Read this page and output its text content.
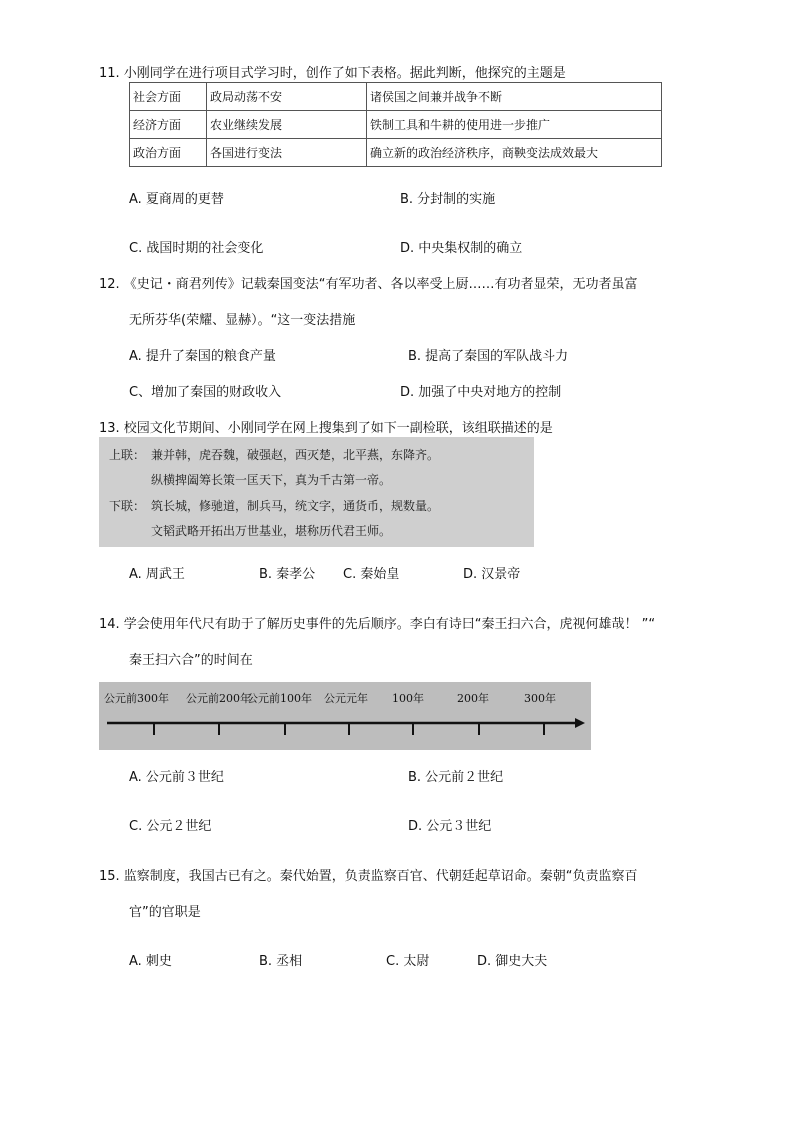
11. 小刚同学在进行项目式学习时，创作了如下表格。据此判断，他探究的主题是
社会方面	政局动荡不安	诸侯国之间兼并战争不断
经济方面	农业继续发展	铁制工具和牛耕的使用进一步推广
政治方面	各国进行变法	确立新的政治经济秩序，商鞅变法成效最大
A. 夏商周的更替	B. 分封制的实施
C. 战国时期的社会变化	D. 中央集权制的确立
12. 《史记・商君列传》记载秦国变法“有军功者、各以率受上厨……有功者显荣，无功者虽富
无所芬华(荣耀、显赫）。“这一变法措施
A. 提升了秦国的粮食产量	B. 提高了秦国的军队战斗力
C、增加了秦国的财政收入	D. 加强了中央对地方的控制
13. 校园文化节期间、小刚同学在网上搜集到了如下一副检联，该组联描述的是
上联： 兼并韩，虎吞魏，破强赵，西灭楚，北平燕，东降齐。
纵横捭阖筹长策一匡天下，真为千古第一帝。
下联： 筑长城，修驰道，制兵马，统文字，通货币，规数量。
文韬武略开拓出万世基业，堪称历代君王师。
A. 周武王	B. 秦孝公 C. 秦始皇	D. 汉景帝
14. 学会使用年代尺有助于了解历史事件的先后顺序。李白有诗曰“秦王扫六合，虎视何雄哉！ ”“
秦王扫六合”的时间在
公元前300年 公元前200年
公元前100年 公元元年 100年	200年	300年
A. 公元前３世纪	B. 公元前２世纪
C. 公元２世纪	D. 公元３世纪
15. 监察制度，我国古已有之。秦代始置，负责监察百官、代朝廷起草诏命。秦朝“负责监察百
官”的官职是
A. 刺史	B. 丞相	C. 太尉	D. 御史大夫
